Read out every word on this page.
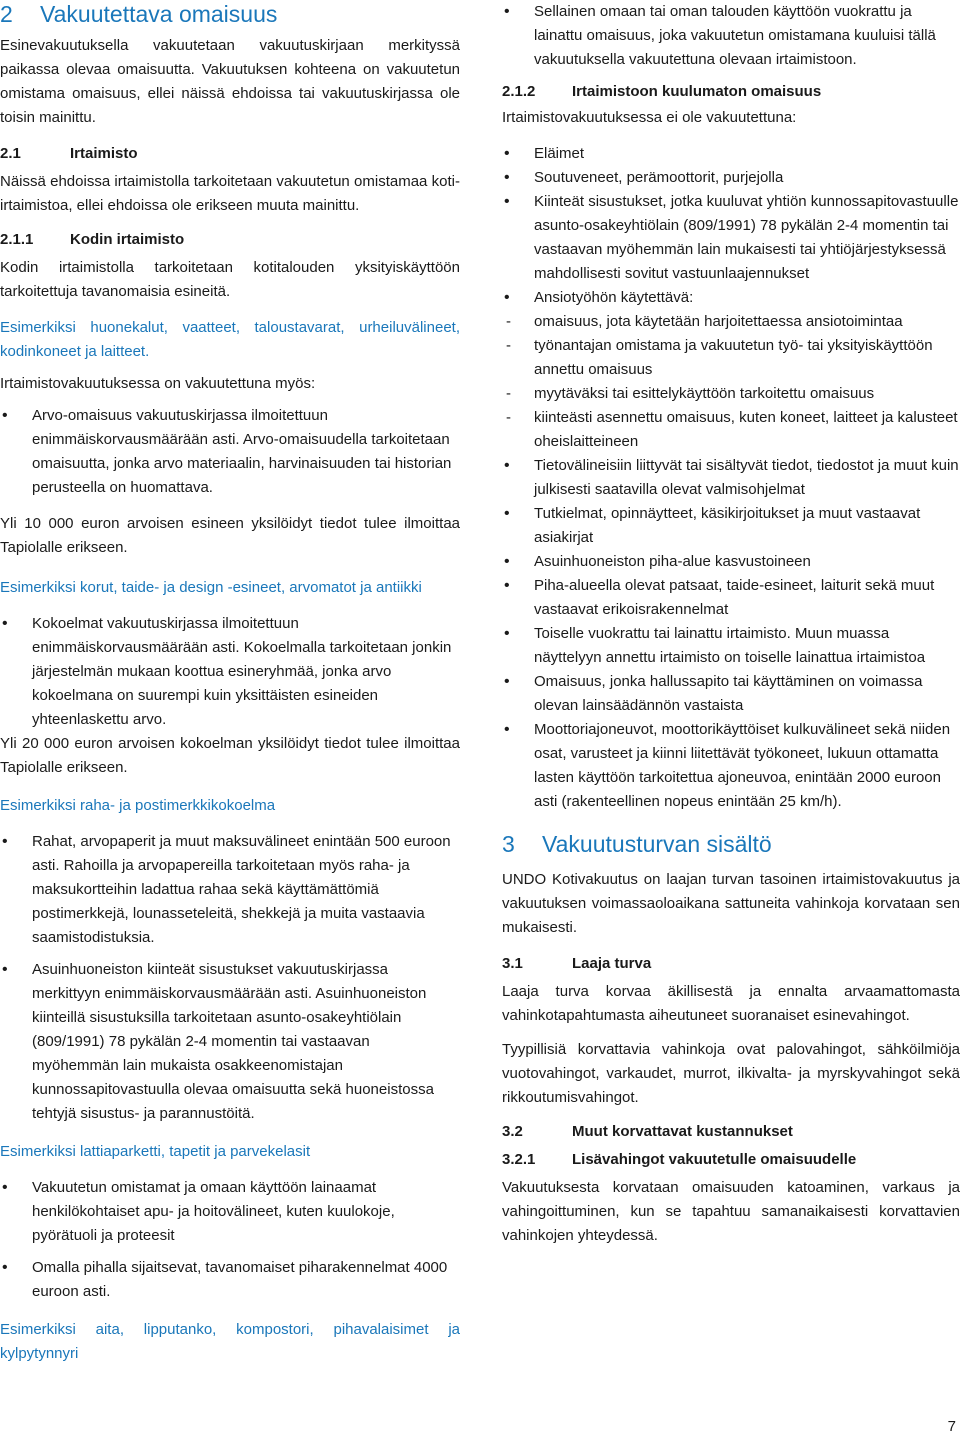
2 Vakuutettava omaisuus

Esinevakuutuksella vakuutetaan vakuutuskirjaan merkityssä paikassa olevaa omaisuutta. Vakuutuksen kohteena on vakuutetun omistama omaisuus, ellei näissä ehdoissa tai vakuutuskirjassa ole toisin mainittu.

2.1	Irtaimisto

Näissä ehdoissa irtaimistolla tarkoitetaan vakuutetun omistamaa koti-irtaimistoa, ellei ehdoissa ole erikseen muuta mainittu.

2.1.1 Kodin irtaimisto

Kodin irtaimistolla tarkoitetaan kotitalouden yksityiskäyttöön tarkoitettuja tavanomaisia esineitä.

Esimerkiksi huonekalut, vaatteet, taloustavarat, urheiluvälineet, kodinkoneet ja laitteet.

Irtaimistovakuutuksessa on vakuutettuna myös:

• Arvo-omaisuus vakuutuskirjassa ilmoitettuun enimmäiskorvausmäärään asti. Arvo-omaisuudella tarkoitetaan omaisuutta, jonka arvo materiaalin, harvinaisuuden tai historian perusteella on huomattava.

Yli 10 000 euron arvoisen esineen yksilöidyt tiedot tulee ilmoittaa Tapiolalle erikseen.

Esimerkiksi korut, taide- ja design -esineet, arvomatot ja antiikki

• Kokoelmat vakuutuskirjassa ilmoitettuun enimmäiskorvausmäärään asti. Kokoelmalla tarkoitetaan jonkin järjestelmän mukaan koottua esineryhmää, jonka arvo kokoelmana on suurempi kuin yksittäisten esineiden yhteenlaskettu arvo.

Yli 20 000 euron arvoisen kokoelman yksilöidyt tiedot tulee ilmoittaa Tapiolalle erikseen.

Esimerkiksi raha- ja postimerkkikokoelma

• Rahat, arvopaperit ja muut maksuvälineet enintään 500 euroon asti. Rahoilla ja arvopapereilla tarkoitetaan myös raha- ja maksukortteihin ladattua rahaa sekä käyttämättömiä postimerkkejä, lounasseteleitä, shekkejä ja muita vastaavia saamistodistuksia.
• Asuinhuoneiston kiinteät sisustukset vakuutuskirjassa merkittyyn enimmäiskorvausmäärään asti. Asuinhuoneiston kiinteillä sisustuksilla tarkoitetaan asunto-osakeyhtiölain (809/1991) 78 pykälän 2-4 momentin tai vastaavan myöhemmän lain mukaista osakkeenomistajan kunnossapitovastuulla olevaa omaisuutta sekä huoneistossa tehtyjä sisustus- ja parannustöitä.

Esimerkiksi lattiaparketti, tapetit ja parvekelasit

• Vakuutetun omistamat ja omaan käyttöön lainaamat henkilökohtaiset apu- ja hoitovälineet, kuten kuulokoje, pyörätuoli ja proteesit
• Omalla pihalla sijaitsevat, tavanomaiset piharakennelmat 4000 euroon asti.

Esimerkiksi aita, lipputanko, kompostori, pihavalaisimet ja kylpytynnyri

• Sellainen omaan tai oman talouden käyttöön vuokrattu ja lainattu omaisuus, joka vakuutetun omistamana kuuluisi tällä vakuutuksella vakuutettuna olevaan irtaimistoon.
2.1.2 Irtaimistoon kuulumaton omaisuus

Irtaimistovakuutuksessa ei ole vakuutettuna:

• Eläimet
• Soutuveneet, perämoottorit, purjejolla
• Kiinteät sisustukset, jotka kuuluvat yhtiön kunnossapitovastuulle asunto-osakeyhtiölain (809/1991) 78 pykälän 2-4 momentin tai vastaavan myöhemmän lain mukaisesti tai yhtiöjärjestyksessä mahdollisesti sovitut vastuunlaajennukset
• Ansiotyöhön käytettävä:
- omaisuus, jota käytetään harjoitettaessa ansiotoimintaa
- työnantajan omistama ja vakuutetun työ- tai yksityiskäyttöön annettu omaisuus
- myytäväksi tai esittelykäyttöön tarkoitettu omaisuus
- kiinteästi asennettu omaisuus, kuten koneet, laitteet ja kalusteet oheislaitteineen
• Tietovälineisiin liittyvät tai sisältyvät tiedot, tiedostot ja muut kuin julkisesti saatavilla olevat valmisohjelmat
• Tutkielmat, opinnäytteet, käsikirjoitukset ja muut vastaavat asiakirjat
• Asuinhuoneiston piha-alue kasvustoineen
• Piha-alueella olevat patsaat, taide-esineet, laiturit sekä muut vastaavat erikoisrakennelmat
• Toiselle vuokrattu tai lainattu irtaimisto. Muun muassa näyttelyyn annettu irtaimisto on toiselle lainattua irtaimistoa
• Omaisuus, jonka hallussapito tai käyttäminen on voimassa olevan lainsäädännön vastaista
• Moottoriajoneuvot, moottorikäyttöiset kulkuvälineet sekä niiden osat, varusteet ja kiinni liitettävät työkoneet, lukuun ottamatta lasten käyttöön tarkoitettua ajoneuvoa, enintään 2000 euroon asti (rakenteellinen nopeus enintään 25 km/h).
3 Vakuutusturvan sisältö

UNDO Kotivakuutus on laajan turvan tasoinen irtaimistovakuutus ja vakuutuksen voimassaoloaikana sattuneita vahinkoja korvataan sen mukaisesti.

3.1	Laaja turva

Laaja turva korvaa äkillisestä ja ennalta arvaamattomasta vahinkotapahtumasta aiheutuneet suoranaiset esinevahingot.

Tyypillisiä korvattavia vahinkoja ovat palovahingot, sähköilmiöja vuotovahingot, varkaudet, murrot, ilkivalta- ja myrskyvahingot sekä rikkoutumisvahingot.

3.2	Muut korvattavat kustannukset
3.2.1 Lisävahingot vakuutetulle omaisuudelle

Vakuutuksesta korvataan omaisuuden katoaminen, varkaus ja vahingoittuminen, kun se tapahtuu samanaikaisesti korvattavien vahinkojen yhteydessä.

7
